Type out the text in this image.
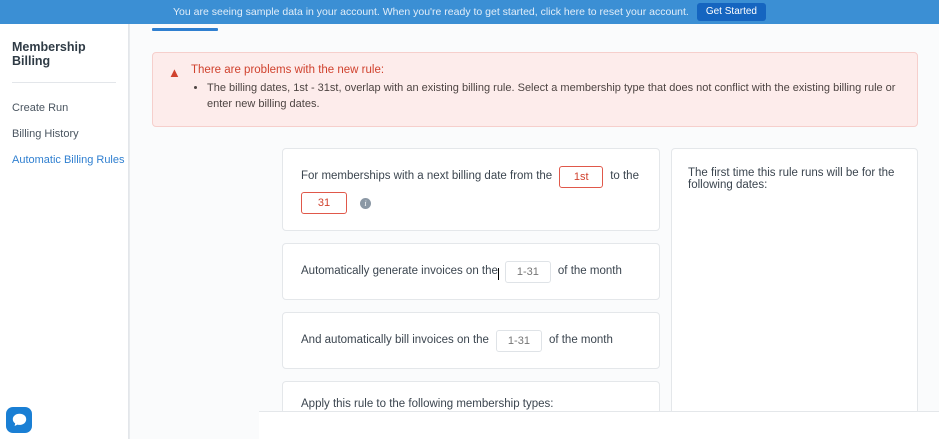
You are seeing sample data in your account. When you're ready to get started, click here to reset your account.	Get Started
Membership Billing
Create Run
Billing History
Automatic Billing Rules
▲ There are problems with the new rule:
• The billing dates, 1st - 31st, overlap with an existing billing rule. Select a membership type that does not conflict with the existing billing rule or enter new billing dates.
For memberships with a next billing date from the
1st	to the
31
i
Automatically generate invoices on the
1-31	of the month
And automatically bill invoices on the
1-31	of the month
Apply this rule to the following membership types:
The first time this rule runs will be for the following dates:
